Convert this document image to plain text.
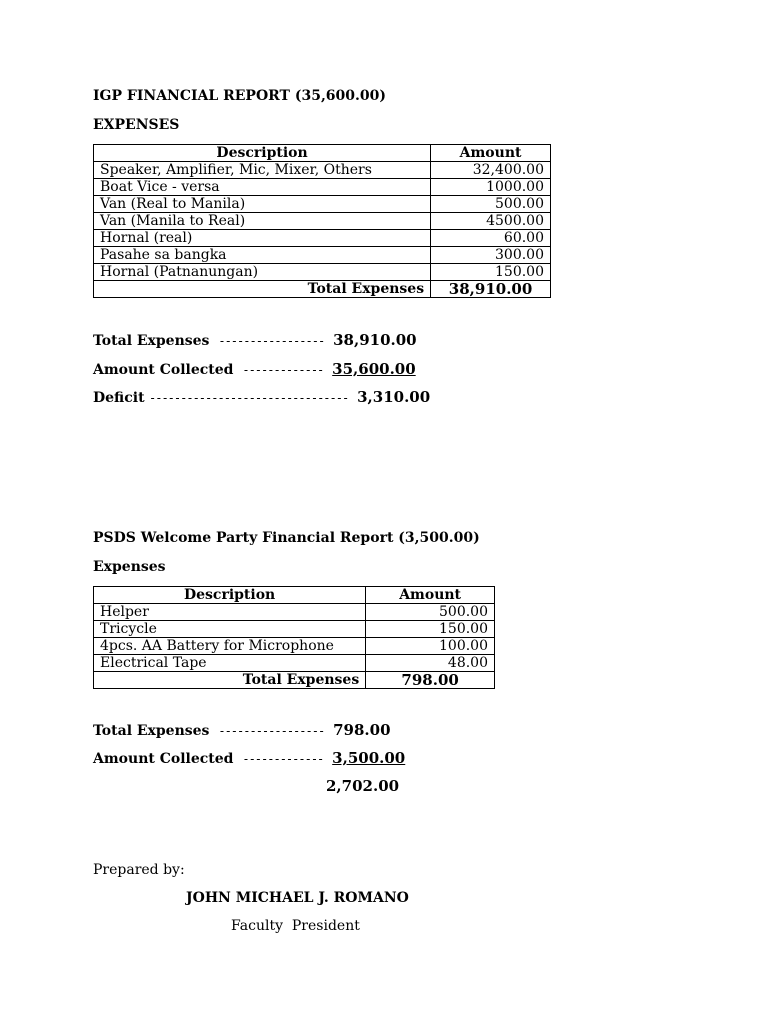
IGP FINANCIAL REPORT (35,600.00)
EXPENSES
Description	Amount
Speaker, Amplifier, Mic, Mixer, Others	32,400.00
Boat Vice - versa	1000.00
Van (Real to Manila)	500.00
Van (Manila to Real)	4500.00
Hornal (real)	60.00
Pasahe sa bangka	300.00
Hornal (Patnanungan)	150.00
Total Expenses	38,910.00
Total Expenses ----------------- 38,910.00
Amount Collected ------------- 35,600.00
Deficit -------------------------------- 3,310.00
PSDS Welcome Party Financial Report (3,500.00)
Expenses
Description	Amount
Helper	500.00
Tricycle	150.00
4pcs. AA Battery for Microphone	100.00
Electrical Tape	48.00
Total Expenses	798.00
Total Expenses ----------------- 798.00
Amount Collected ------------- 3,500.00
2,702.00
Prepared by:
JOHN MICHAEL J. ROMANO
Faculty  President
